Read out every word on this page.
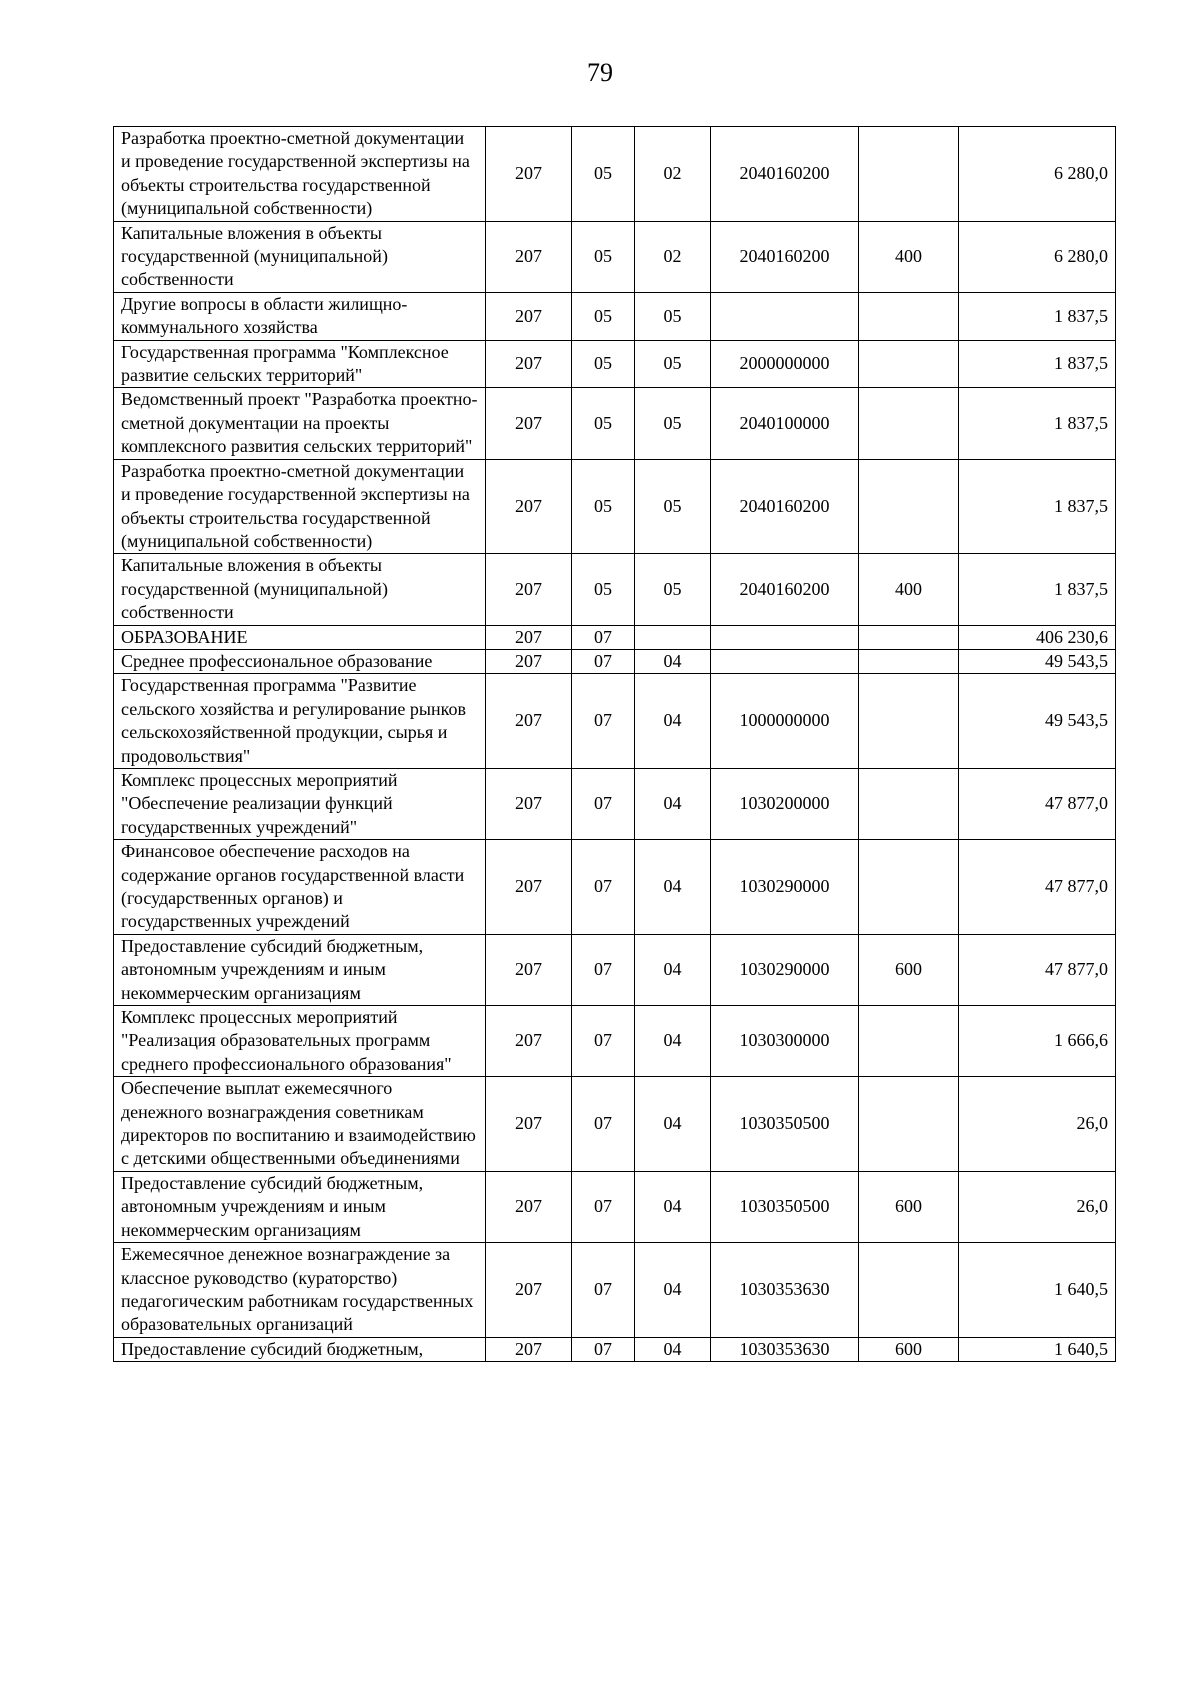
79
Разработка проектно-сметной документации и проведение государственной экспертизы на объекты строительства государственной (муниципальной собственности)	207	05	02	2040160200		6 280,0
Капитальные вложения в объекты государственной (муниципальной) собственности	207	05	02	2040160200	400	6 280,0
Другие вопросы в области жилищно-коммунального хозяйства	207	05	05			1 837,5
Государственная программа "Комплексное развитие сельских территорий"	207	05	05	2000000000		1 837,5
Ведомственный проект "Разработка проектно-сметной документации на проекты комплексного развития сельских территорий"	207	05	05	2040100000		1 837,5
Разработка проектно-сметной документации и проведение государственной экспертизы на объекты строительства государственной (муниципальной собственности)	207	05	05	2040160200		1 837,5
Капитальные вложения в объекты государственной (муниципальной) собственности	207	05	05	2040160200	400	1 837,5
ОБРАЗОВАНИЕ	207	07				406 230,6
Среднее профессиональное образование	207	07	04			49 543,5
Государственная программа "Развитие сельского хозяйства и регулирование рынков сельскохозяйственной продукции, сырья и продовольствия"	207	07	04	1000000000		49 543,5
Комплекс процессных мероприятий "Обеспечение реализации функций государственных учреждений"	207	07	04	1030200000		47 877,0
Финансовое обеспечение расходов на содержание органов государственной власти (государственных органов) и государственных учреждений	207	07	04	1030290000		47 877,0
Предоставление субсидий бюджетным, автономным учреждениям и иным некоммерческим организациям	207	07	04	1030290000	600	47 877,0
Комплекс процессных мероприятий "Реализация образовательных программ среднего профессионального образования"	207	07	04	1030300000		1 666,6
Обеспечение выплат ежемесячного денежного вознаграждения советникам директоров по воспитанию и взаимодействию с детскими общественными объединениями	207	07	04	1030350500		26,0
Предоставление субсидий бюджетным, автономным учреждениям и иным некоммерческим организациям	207	07	04	1030350500	600	26,0
Ежемесячное денежное вознаграждение за классное руководство (кураторство) педагогическим работникам государственных образовательных организаций	207	07	04	1030353630		1 640,5
Предоставление субсидий бюджетным,	207	07	04	1030353630	600	1 640,5
